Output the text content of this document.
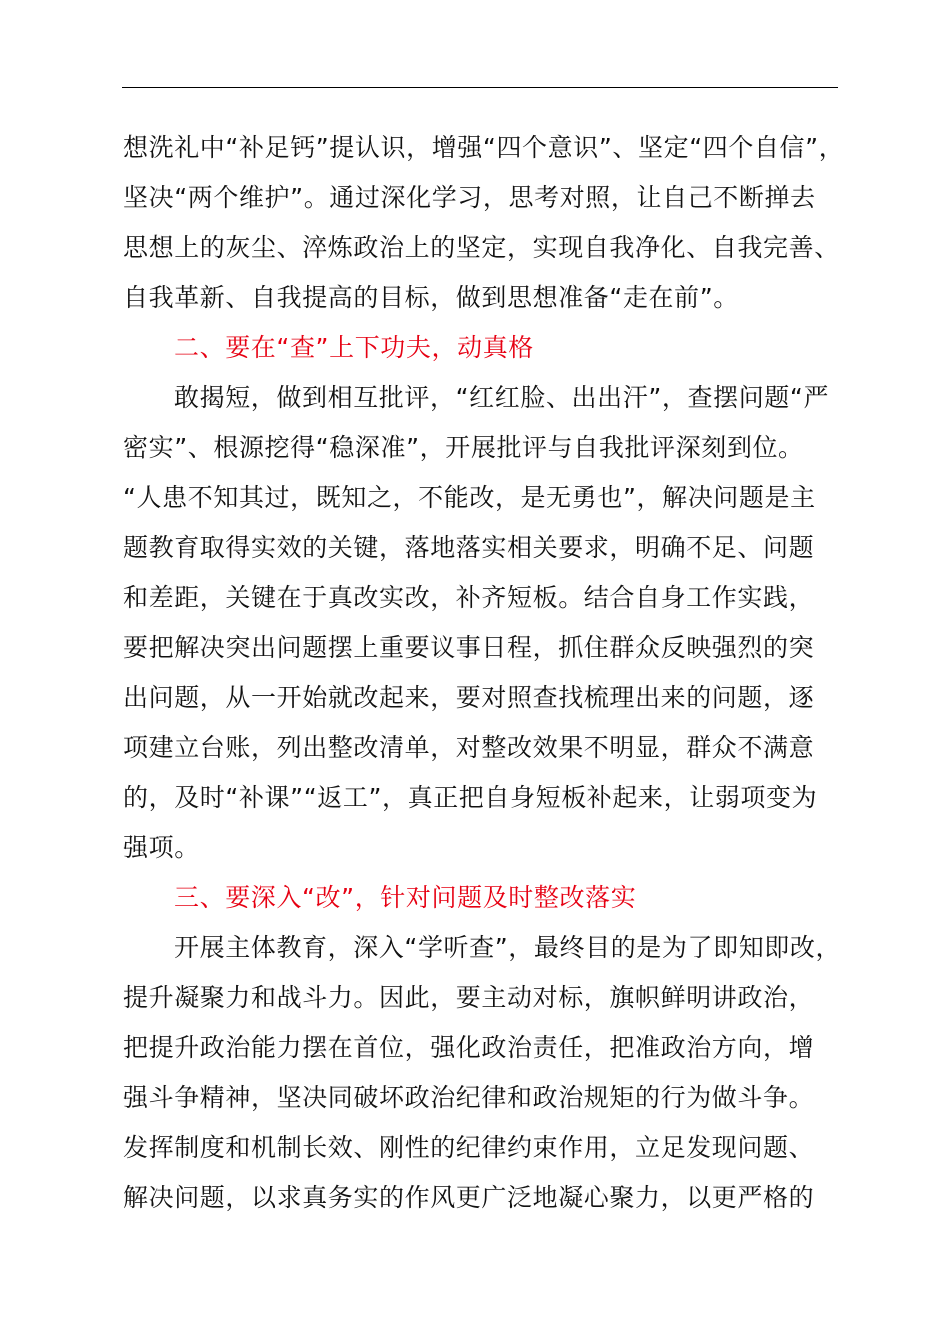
想洗礼中“补足钙”提认识，增强“四个意识”、坚定“四个自信”，
坚决“两个维护”。通过深化学习，思考对照，让自己不断掸去
思想上的灰尘、淬炼政治上的坚定，实现自我净化、自我完善、
自我革新、自我提高的目标，做到思想准备“走在前”。
二、要在“查”上下功夫，动真格
敢揭短，做到相互批评，“红红脸、出出汗”，查摆问题“严
密实”、根源挖得“稳深准”，开展批评与自我批评深刻到位。
“人患不知其过，既知之，不能改，是无勇也”，解决问题是主
题教育取得实效的关键，落地落实相关要求，明确不足、问题
和差距，关键在于真改实改，补齐短板。结合自身工作实践，
要把解决突出问题摆上重要议事日程，抓住群众反映强烈的突
出问题，从一开始就改起来，要对照查找梳理出来的问题，逐
项建立台账，列出整改清单，对整改效果不明显，群众不满意
的，及时“补课”“返工”，真正把自身短板补起来，让弱项变为
强项。
三、要深入“改”，针对问题及时整改落实
开展主体教育，深入“学听查”，最终目的是为了即知即改，
提升凝聚力和战斗力。因此，要主动对标，旗帜鲜明讲政治，
把提升政治能力摆在首位，强化政治责任，把准政治方向，增
强斗争精神，坚决同破坏政治纪律和政治规矩的行为做斗争。
发挥制度和机制长效、刚性的纪律约束作用，立足发现问题、
解决问题，以求真务实的作风更广泛地凝心聚力，以更严格的
